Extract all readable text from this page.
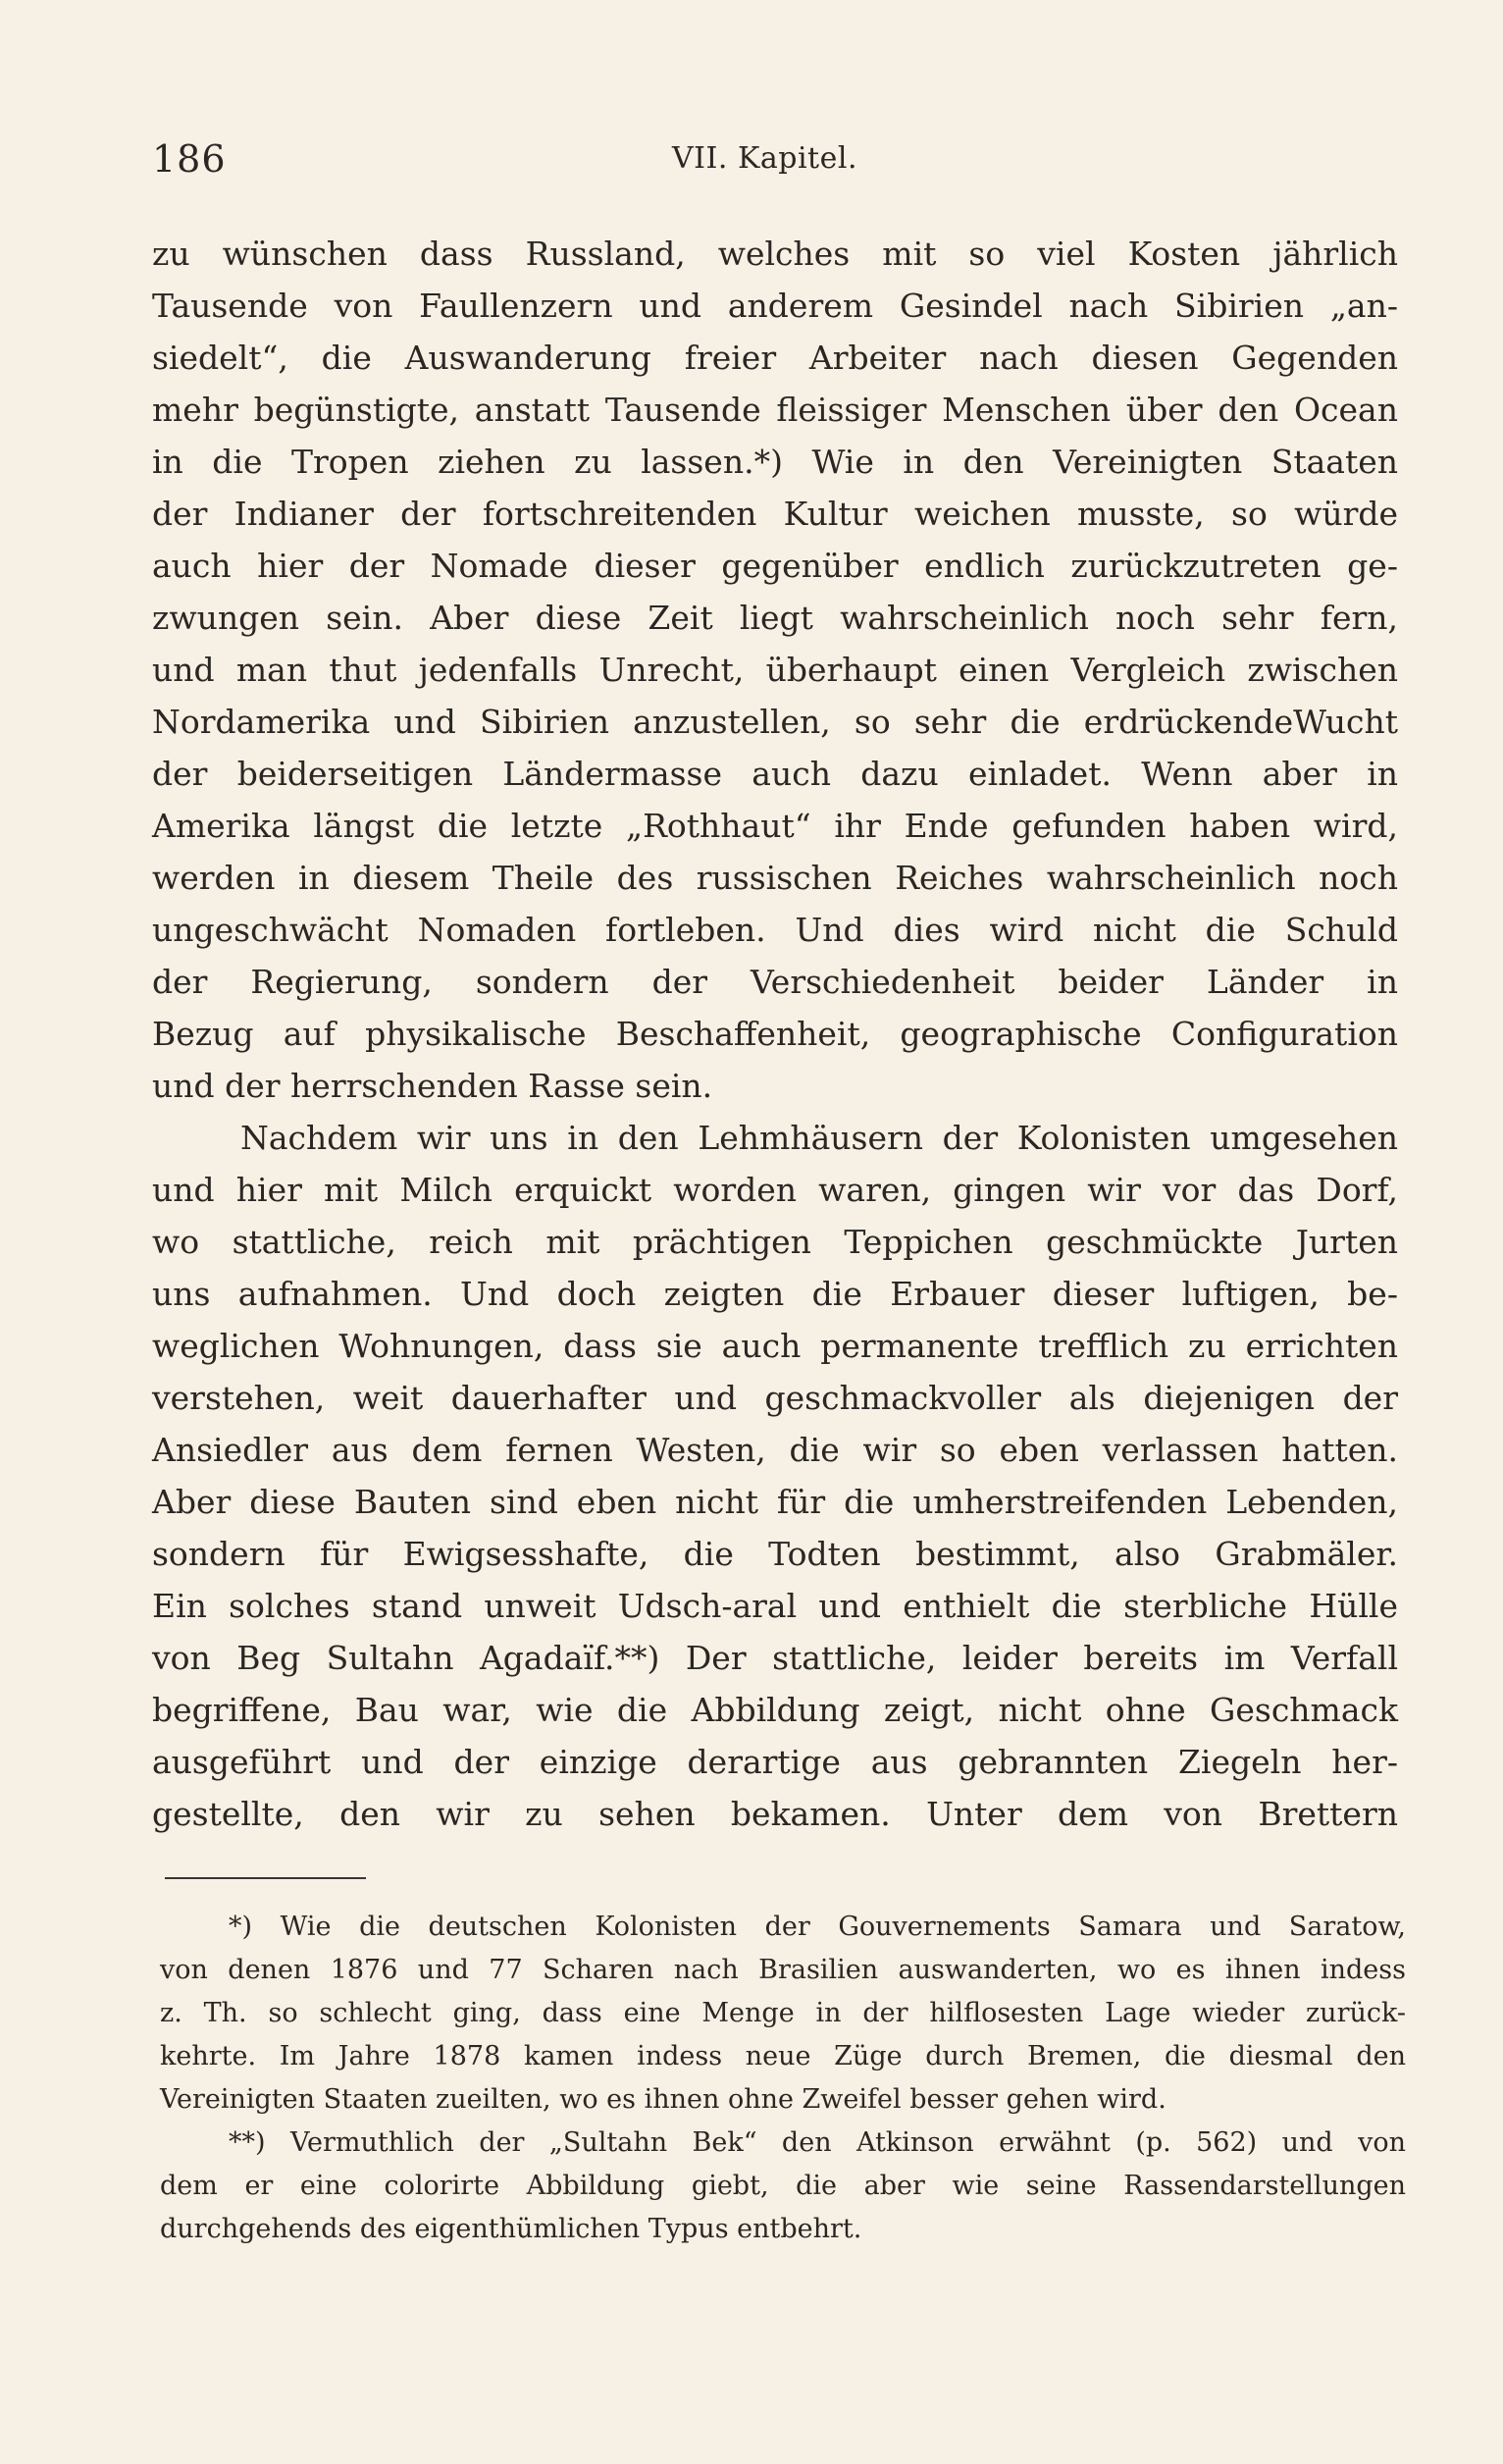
186	VII. Kapitel.
zu wünschen dass Russland, welches mit so viel Kosten jährlich
Tausende von Faullenzern und anderem Gesindel nach Sibirien „an-
siedelt“, die Auswanderung freier Arbeiter nach diesen Gegenden
mehr begünstigte, anstatt Tausende fleissiger Menschen über den Ocean
in die Tropen ziehen zu lassen.*) Wie in den Vereinigten Staaten
der Indianer der fortschreitenden Kultur weichen musste, so würde
auch hier der Nomade dieser gegenüber endlich zurückzutreten ge-
zwungen sein. Aber diese Zeit liegt wahrscheinlich noch sehr fern,
und man thut jedenfalls Unrecht, überhaupt einen Vergleich zwischen
Nordamerika und Sibirien anzustellen, so sehr die erdrückendeWucht
der beiderseitigen Ländermasse auch dazu einladet. Wenn aber in
Amerika längst die letzte „Rothhaut“ ihr Ende gefunden haben wird,
werden in diesem Theile des russischen Reiches wahrscheinlich noch
ungeschwächt Nomaden fortleben. Und dies wird nicht die Schuld
der Regierung, sondern der Verschiedenheit beider Länder in
Bezug auf physikalische Beschaffenheit, geographische Configuration
und der herrschenden Rasse sein.
Nachdem wir uns in den Lehmhäusern der Kolonisten umgesehen
und hier mit Milch erquickt worden waren, gingen wir vor das Dorf,
wo stattliche, reich mit prächtigen Teppichen geschmückte Jurten
uns aufnahmen. Und doch zeigten die Erbauer dieser luftigen, be-
weglichen Wohnungen, dass sie auch permanente trefflich zu errichten
verstehen, weit dauerhafter und geschmackvoller als diejenigen der
Ansiedler aus dem fernen Westen, die wir so eben verlassen hatten.
Aber diese Bauten sind eben nicht für die umherstreifenden Lebenden,
sondern für Ewigsesshafte, die Todten bestimmt, also Grabmäler.
Ein solches stand unweit Udsch-aral und enthielt die sterbliche Hülle
von Beg Sultahn Agadaïf.**) Der stattliche, leider bereits im Verfall
begriffene, Bau war, wie die Abbildung zeigt, nicht ohne Geschmack
ausgeführt und der einzige derartige aus gebrannten Ziegeln her-
gestellte, den wir zu sehen bekamen. Unter dem von Brettern
*) Wie die deutschen Kolonisten der Gouvernements Samara und Saratow,
von denen 1876 und 77 Scharen nach Brasilien auswanderten, wo es ihnen indess
z. Th. so schlecht ging, dass eine Menge in der hilflosesten Lage wieder zurück-
kehrte. Im Jahre 1878 kamen indess neue Züge durch Bremen, die diesmal den
Vereinigten Staaten zueilten, wo es ihnen ohne Zweifel besser gehen wird.
**) Vermuthlich der „Sultahn Bek“ den Atkinson erwähnt (p. 562) und von
dem er eine colorirte Abbildung giebt, die aber wie seine Rassendarstellungen
durchgehends des eigenthümlichen Typus entbehrt.
